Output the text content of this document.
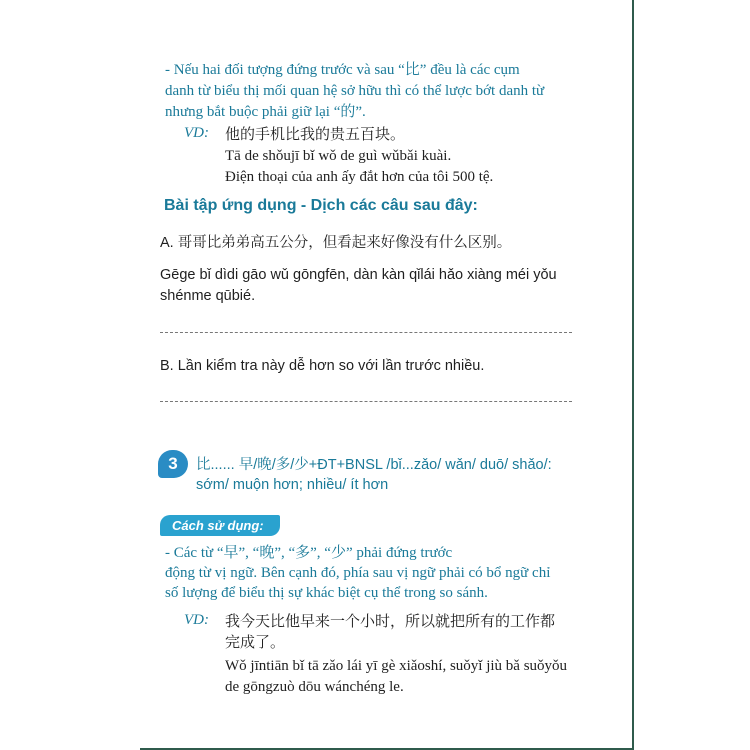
- Nếu hai đối tượng đứng trước và sau “比” đều là các cụm
danh từ biểu thị mối quan hệ sở hữu thì có thể lược bớt danh từ
nhưng bắt buộc phải giữ lại “的”.
VD: 他的手机比我的贵五百块。
Tā de shǒujī bǐ wǒ de guì wǔbǎi kuài.
Điện thoại của anh ấy đắt hơn của tôi 500 tệ.
Bài tập ứng dụng - Dịch các câu sau đây:
A. 哥哥比弟弟高五公分，但看起来好像没有什么区别。
Gēge bǐ dìdi gāo wǔ gōngfēn, dàn kàn qǐlái hǎo xiàng méi yǒu
shénme qūbié.
B. Lần kiểm tra này dễ hơn so với lần trước nhiều.
3	比...... 早/晚/多/少+ĐT+BNSL /bǐ...zǎo/ wǎn/ duō/ shǎo/:
sớm/ muộn hơn; nhiều/ ít hơn
Cách sử dụng:
- Các từ “早”, “晚”, “多”, “少” phải đứng trước
động từ vị ngữ. Bên cạnh đó, phía sau vị ngữ phải có bổ ngữ chỉ
số lượng để biểu thị sự khác biệt cụ thể trong so sánh.
VD: 我今天比他早来一个小时，所以就把所有的工作都
完成了。
Wǒ jīntiān bǐ tā zǎo lái yī gè xiǎoshí, suǒyǐ jiù bǎ suǒyǒu
de gōngzuò dōu wánchéng le.
